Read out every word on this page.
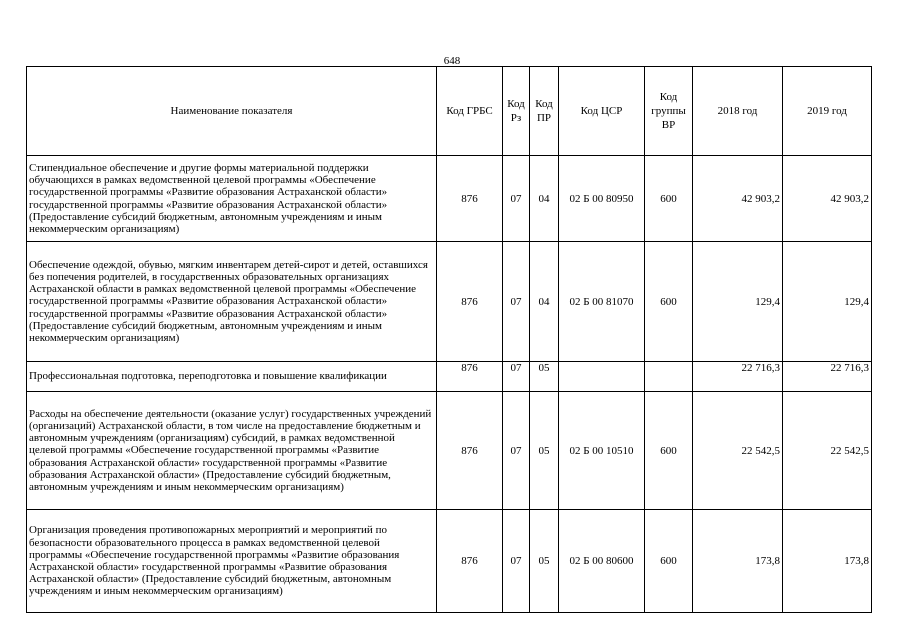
648
Наименование показателя	Код ГРБС	Код Рз	Код ПР	Код ЦСР	Код группы ВР	2018 год	2019 год
Стипендиальное обеспечение и другие формы материальной поддержки обучающихся в рамках ведомственной целевой программы «Обеспечение государственной программы «Развитие образования Астраханской области» государственной программы «Развитие образования Астраханской области» (Предоставление субсидий бюджетным, автономным учреждениям и иным некоммерческим организациям)	876	07	04	02 Б 00 80950	600	42 903,2	42 903,2
Обеспечение одеждой, обувью, мягким инвентарем детей-сирот и детей, оставшихся без попечения родителей, в государственных образовательных организациях Астраханской области в рамках ведомственной целевой программы «Обеспечение государственной программы «Развитие образования Астраханской области» государственной программы «Развитие образования Астраханской области» (Предоставление субсидий бюджетным, автономным учреждениям и иным некоммерческим организациям)	876	07	04	02 Б 00 81070	600	129,4	129,4
Профессиональная подготовка, переподготовка и повышение квалификации	876	07	05			22 716,3	22 716,3
Расходы на обеспечение деятельности (оказание услуг) государственных учреждений (организаций) Астраханской области, в том числе на предоставление бюджетным и автономным учреждениям (организациям) субсидий, в рамках ведомственной целевой программы «Обеспечение государственной программы «Развитие образования Астраханской области» государственной программы «Развитие образования Астраханской области» (Предоставление субсидий бюджетным, автономным учреждениям и иным некоммерческим организациям)	876	07	05	02 Б 00 10510	600	22 542,5	22 542,5
Организация проведения противопожарных мероприятий и мероприятий по безопасности образовательного процесса в рамках ведомственной целевой программы «Обеспечение государственной программы «Развитие образования Астраханской области» государственной программы «Развитие образования Астраханской области» (Предоставление субсидий бюджетным, автономным учреждениям и иным некоммерческим организациям)	876	07	05	02 Б 00 80600	600	173,8	173,8
